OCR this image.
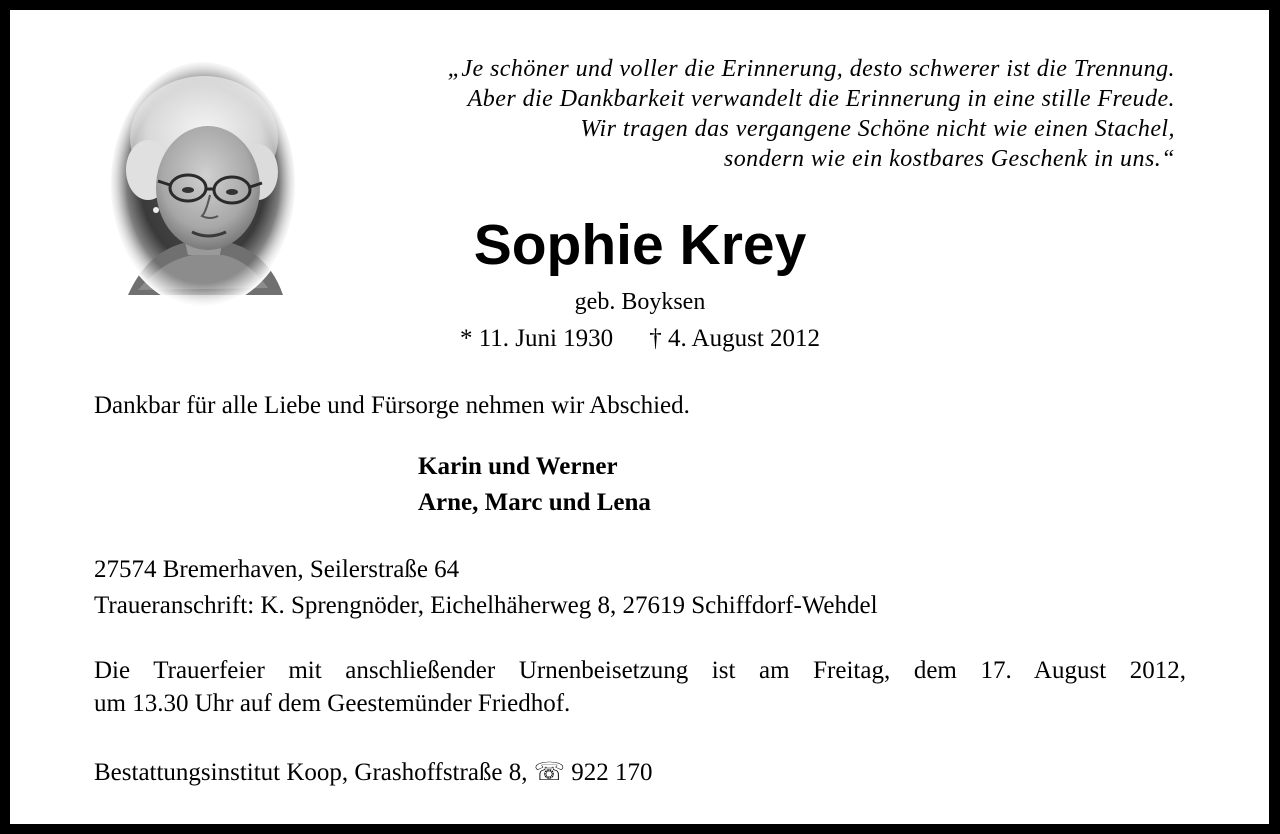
„Je schöner und voller die Erinnerung, desto schwerer ist die Trennung.
Aber die Dankbarkeit verwandelt die Erinnerung in eine stille Freude.
Wir tragen das vergangene Schöne nicht wie einen Stachel,
sondern wie ein kostbares Geschenk in uns.“
Sophie Krey
geb. Boyksen
* 11. Juni 1930 † 4. August 2012
Dankbar für alle Liebe und Fürsorge nehmen wir Abschied.
Karin und Werner
Arne, Marc und Lena
27574 Bremerhaven, Seilerstraße 64
Traueranschrift: K. Sprengnöder, Eichelhäherweg 8, 27619 Schiffdorf-Wehdel
Die Trauerfeier mit anschließender Urnenbeisetzung ist am Freitag, dem 17. August 2012,
um 13.30 Uhr auf dem Geestemünder Friedhof.
Bestattungsinstitut Koop, Grashoffstraße 8, ☏ 922 170
